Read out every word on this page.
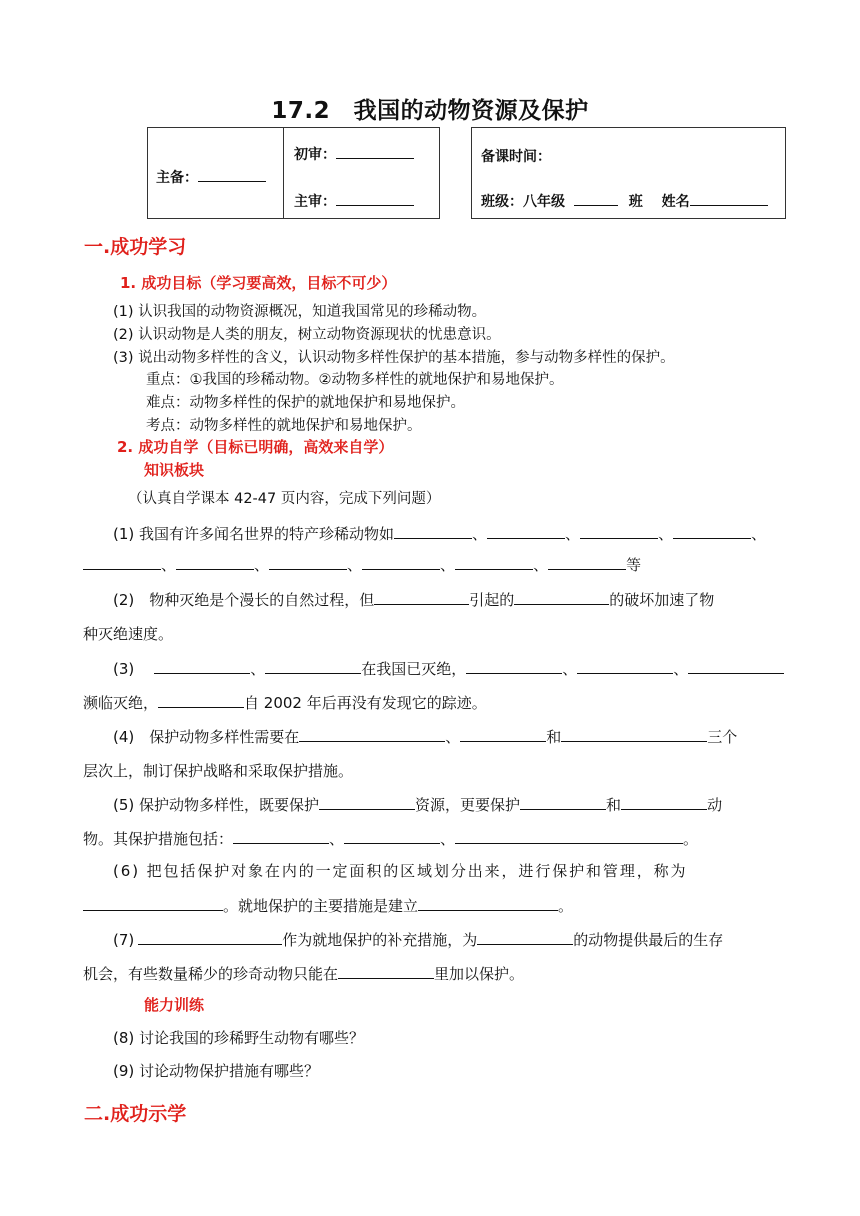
17.2　我国的动物资源及保护
主备：
初审：
主审：
备课时间：
班级：八年级	班 姓名
一.成功学习
1. 成功目标（学习要高效，目标不可少）
(1) 认识我国的动物资源概况，知道我国常见的珍稀动物。
(2) 认识动物是人类的朋友，树立动物资源现状的忧患意识。
(3) 说出动物多样性的含义，认识动物多样性保护的基本措施，参与动物多样性的保护。
重点：①我国的珍稀动物。②动物多样性的就地保护和易地保护。
难点：动物多样性的保护的就地保护和易地保护。
考点：动物多样性的就地保护和易地保护。
2. 成功自学（目标已明确，高效来自学）
知识板块
（认真自学课本 42-47 页内容，完成下列问题）
(1) 我国有许多闻名世界的特产珍稀动物如	、	、	、	、
、	、	、	、	、	等
(2)　物种灭绝是个漫长的自然过程，但	引起的	的破坏加速了物
种灭绝速度。
(3)	、	在我国已灭绝，	、	、
濒临灭绝，	自 2002 年后再没有发现它的踪迹。
(4)　保护动物多样性需要在	、	和	三个
层次上，制订保护战略和采取保护措施。
(5) 保护动物多样性，既要保护	资源，更要保护	和	动
物。其保护措施包括：	、	、	。
(6) 把包括保护对象在内的一定面积的区域划分出来，进行保护和管理，称为
。就地保护的主要措施是建立	。
(7)	作为就地保护的补充措施，为	的动物提供最后的生存
机会，有些数量稀少的珍奇动物只能在	里加以保护。
能力训练
(8) 讨论我国的珍稀野生动物有哪些？
(9) 讨论动物保护措施有哪些？
二.成功示学
